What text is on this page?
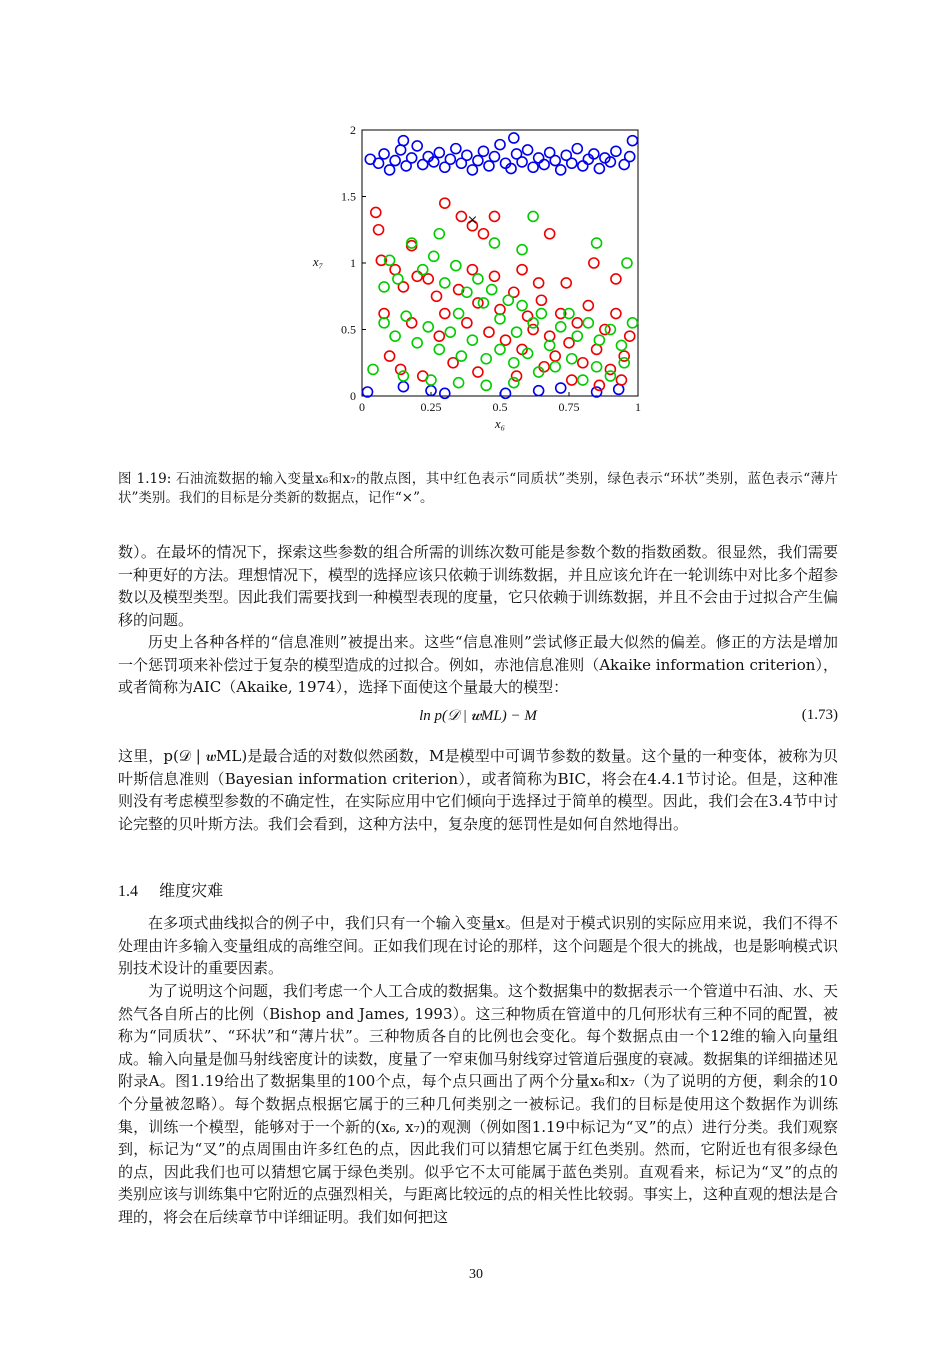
0	0.25	0.5	0.75	1
0
0.5
1
1.5
2
×
x₆
x₇
图 1.19: 石油流数据的输入变量x₆和x₇的散点图，其中红色表示“同质状”类别，绿色表示“环状”类别，蓝色表示“薄片状”类别。我们的目标是分类新的数据点，记作“×”。

数）。在最坏的情况下，探索这些参数的组合所需的训练次数可能是参数个数的指数函数。很显然，我们需要一种更好的方法。理想情况下，模型的选择应该只依赖于训练数据，并且应该允许在一轮训练中对比多个超参数以及模型类型。因此我们需要找到一种模型表现的度量，它只依赖于训练数据，并且不会由于过拟合产生偏移的问题。

历史上各种各样的“信息准则”被提出来。这些“信息准则”尝试修正最大似然的偏差。修正的方法是增加一个惩罚项来补偿过于复杂的模型造成的过拟合。例如，赤池信息准则（Akaike information criterion），或者简称为AIC（Akaike, 1974），选择下面使这个量最大的模型：

ln p(𝒟 | 𝒘ML) − M	(1.73)

这里，p(𝒟 | 𝒘ML)是最合适的对数似然函数，M是模型中可调节参数的数量。这个量的一种变体，被称为贝叶斯信息准则（Bayesian information criterion），或者简称为BIC，将会在4.4.1节讨论。但是，这种准则没有考虑模型参数的不确定性，在实际应用中它们倾向于选择过于简单的模型。因此，我们会在3.4节中讨论完整的贝叶斯方法。我们会看到，这种方法中，复杂度的惩罚性是如何自然地得出。

1.4 维度灾难

在多项式曲线拟合的例子中，我们只有一个输入变量x。但是对于模式识别的实际应用来说，我们不得不处理由许多输入变量组成的高维空间。正如我们现在讨论的那样，这个问题是个很大的挑战，也是影响模式识别技术设计的重要因素。

为了说明这个问题，我们考虑一个人工合成的数据集。这个数据集中的数据表示一个管道中石油、水、天然气各自所占的比例（Bishop and James, 1993）。这三种物质在管道中的几何形状有三种不同的配置，被称为“同质状”、“环状”和“薄片状”。三种物质各自的比例也会变化。每个数据点由一个12维的输入向量组成。输入向量是伽马射线密度计的读数，度量了一窄束伽马射线穿过管道后强度的衰减。数据集的详细描述见附录A。图1.19给出了数据集里的100个点，每个点只画出了两个分量x₆和x₇（为了说明的方便，剩余的10个分量被忽略）。每个数据点根据它属于的三种几何类别之一被标记。我们的目标是使用这个数据作为训练集，训练一个模型，能够对于一个新的(x₆, x₇)的观测（例如图1.19中标记为“叉”的点）进行分类。我们观察到，标记为“叉”的点周围由许多红色的点，因此我们可以猜想它属于红色类别。然而，它附近也有很多绿色的点，因此我们也可以猜想它属于绿色类别。似乎它不太可能属于蓝色类别。直观看来，标记为“叉”的点的类别应该与训练集中它附近的点强烈相关，与距离比较远的点的相关性比较弱。事实上，这种直观的想法是合理的，将会在后续章节中详细证明。我们如何把这

30
